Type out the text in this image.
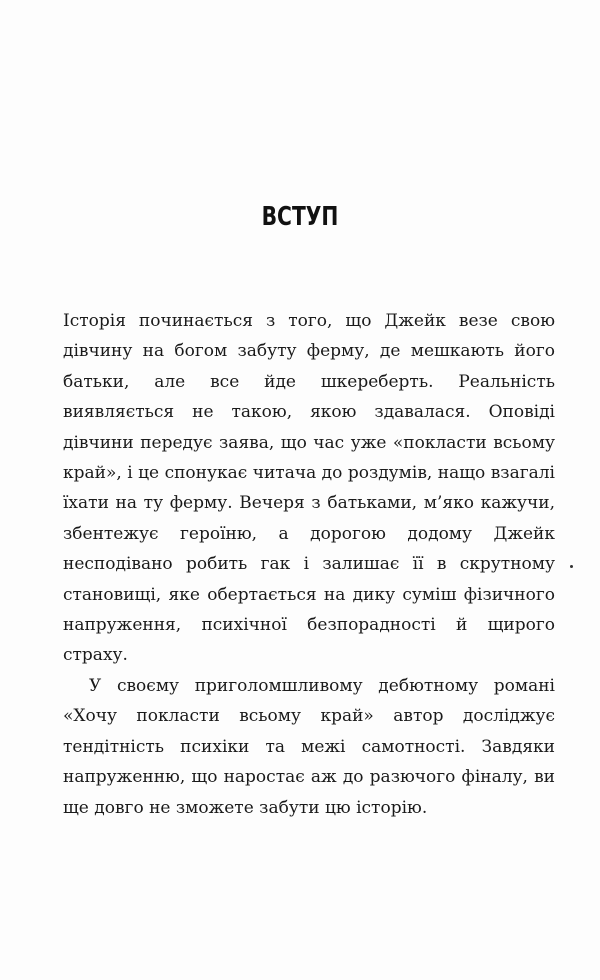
ВСТУП

Історія починається з того, що Джейк везе свою дівчину на богом забуту ферму, де мешкають його батьки, але все йде шкереберть. Реальність виявляється не такою, якою здавалася. Оповіді дівчини передує заява, що час уже «покласти всьому край», і це спонукає читача до роздумів, нащо взагалі їхати на ту ферму. Вечеря з батьками, м’яко кажучи, збентежує героїню, а дорогою додому Джейк несподівано робить гак і залишає її в скрутному становищі, яке обертається на дику суміш фізичного напруження, психічної безпорадності й щирого страху.

У своєму приголомшливому дебютному романі «Хочу покласти всьому край» автор досліджує тендітність психіки та межі самотності. Завдяки напруженню, що наростає аж до разючого фіналу, ви ще довго не зможете забути цю історію.
